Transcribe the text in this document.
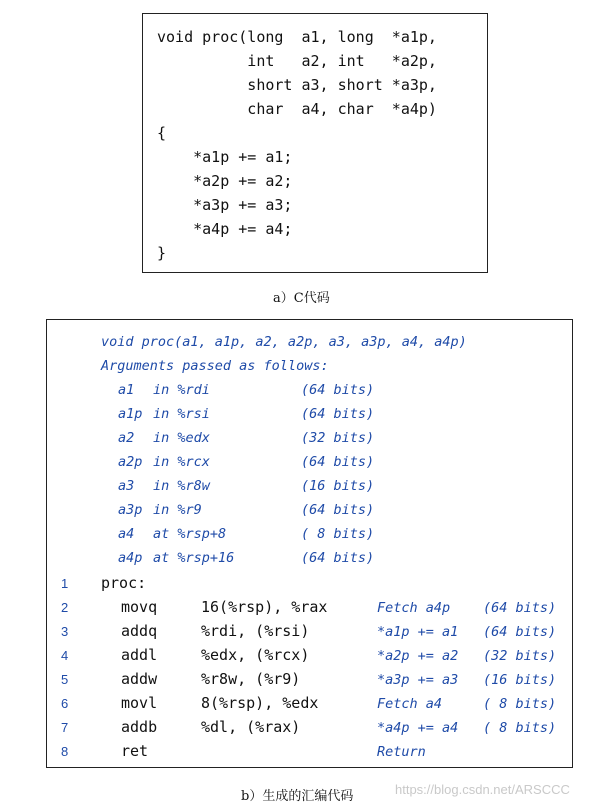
void proc(long  a1, long  *a1p,
int   a2, int   *a2p,
short a3, short *a3p,
char  a4, char  *a4p)
{
*a1p += a1;
*a2p += a2;
*a3p += a3;
*a4p += a4;
}
a）C代码
void proc(a1, a1p, a2, a2p, a3, a3p, a4, a4p)
Arguments passed as follows:
a1 in %rdi	(64 bits)
a1p in %rsi	(64 bits)
a2 in %edx	(32 bits)
a2p in %rcx	(64 bits)
a3 in %r8w	(16 bits)
a3p in %r9	(64 bits)
a4 at %rsp+8	( 8 bits)
a4p at %rsp+16	(64 bits)
1 proc:
2	movq	16(%rsp), %rax	Fetch a4p (64 bits)
3	addq	%rdi, (%rsi)	*a1p += a1 (64 bits)
4	addl	%edx, (%rcx)	*a2p += a2 (32 bits)
5	addw	%r8w, (%r9)	*a3p += a3 (16 bits)
6	movl	8(%rsp), %edx	Fetch a4	( 8 bits)
7	addb	%dl, (%rax)	*a4p += a4 ( 8 bits)
8	ret	Return
b）生成的汇编代码	https://blog.csdn.net/ARSCCC
